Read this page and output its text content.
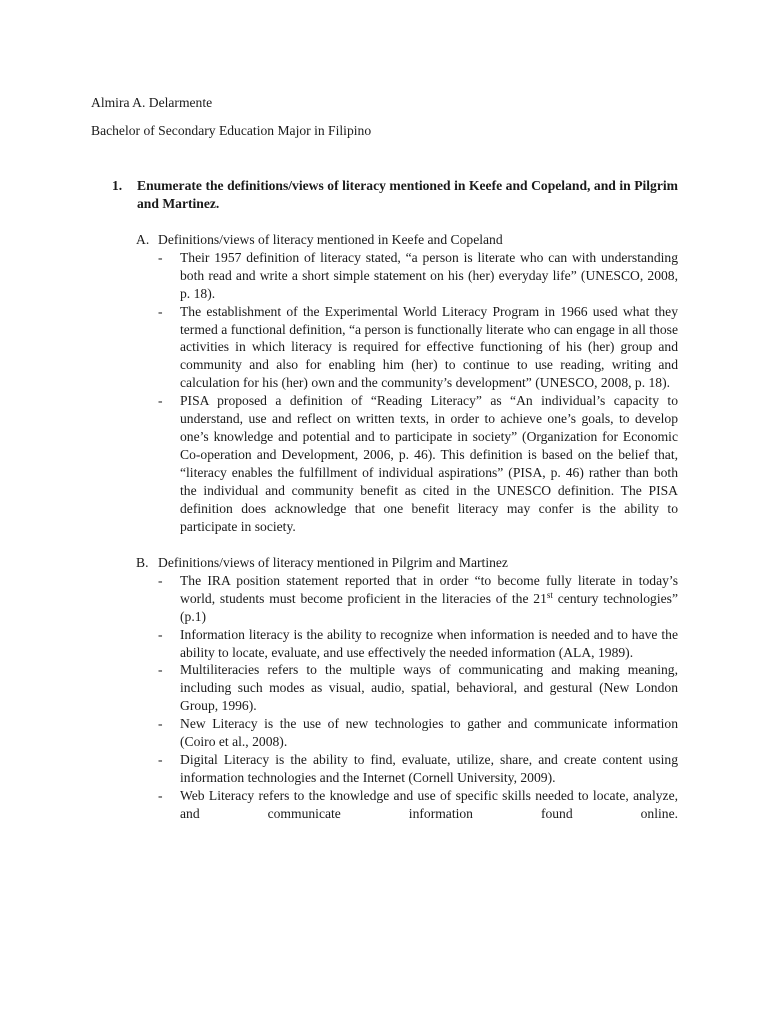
Almira A. Delarmente
Bachelor of Secondary Education Major in Filipino
1.	Enumerate the definitions/views of literacy mentioned in Keefe and Copeland, and in Pilgrim and Martinez.
A. Definitions/views of literacy mentioned in Keefe and Copeland
-	Their 1957 definition of literacy stated, “a person is literate who can with understanding both read and write a short simple statement on his (her) everyday life” (UNESCO, 2008, p. 18).
-	The establishment of the Experimental World Literacy Program in 1966 used what they termed a functional definition, “a person is functionally literate who can engage in all those activities in which literacy is required for effective functioning of his (her) group and community and also for enabling him (her) to continue to use reading, writing and calculation for his (her) own and the community’s development” (UNESCO, 2008, p. 18).
-	PISA proposed a definition of “Reading Literacy” as “An individual’s capacity to understand, use and reflect on written texts, in order to achieve one’s goals, to develop one’s knowledge and potential and to participate in society” (Organization for Economic Co-operation and Development, 2006, p. 46). This definition is based on the belief that, “literacy enables the fulfillment of individual aspirations” (PISA, p. 46) rather than both the individual and community benefit as cited in the UNESCO definition. The PISA definition does acknowledge that one benefit literacy may confer is the ability to participate in society.
B. Definitions/views of literacy mentioned in Pilgrim and Martinez
-	The IRA position statement reported that in order “to become fully literate in today’s world, students must become proficient in the literacies of the 21st century technologies” (p.1)
-	Information literacy is the ability to recognize when information is needed and to have the ability to locate, evaluate, and use effectively the needed information (ALA, 1989).
-	Multiliteracies refers to the multiple ways of communicating and making meaning, including such modes as visual, audio, spatial, behavioral, and gestural (New London Group, 1996).
-	New Literacy is the use of new technologies to gather and communicate information (Coiro et al., 2008).
-	Digital Literacy is the ability to find, evaluate, utilize, share, and create content using information technologies and the Internet (Cornell University, 2009).
-	Web Literacy refers to the knowledge and use of specific skills needed to locate, analyze, and communicate information found online.
